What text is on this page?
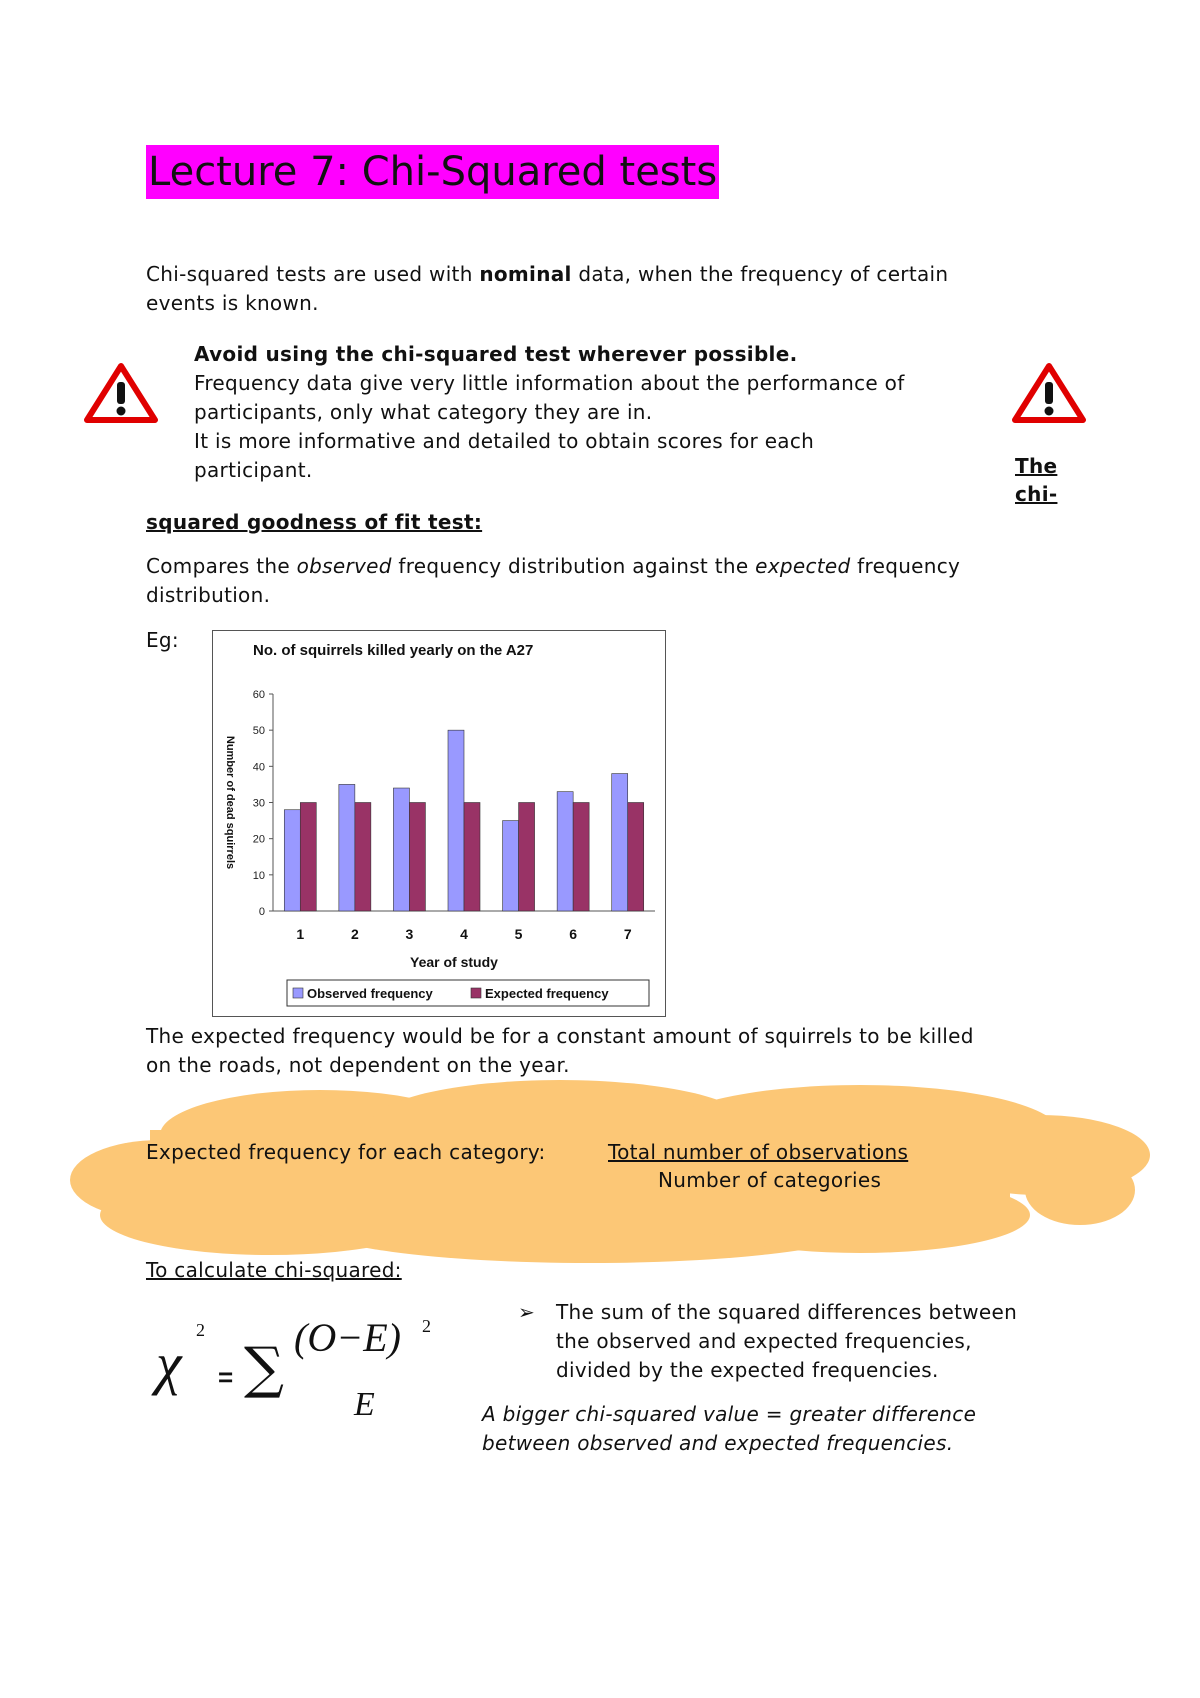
Lecture 7: Chi-Squared tests
Chi-squared tests are used with nominal data, when the frequency of certain
events is known.
Avoid using the chi-squared test wherever possible.
Frequency data give very little information about the performance of
participants, only what category they are in.
It is more informative and detailed to obtain scores for each
participant.	The
chi-
squared goodness of fit test:
Compares the observed frequency distribution against the expected frequency
distribution.
Eg:	No. of squirrels killed yearly on the A27
0
10
20
30
40
50
60
Number of dead squirrels
1	2	3	4	5	6	7
Year of study
Observed frequency	Expected frequency
The expected frequency would be for a constant amount of squirrels to be killed
on the roads, not dependent on the year.
Expected frequency for each category:	Total number of observations
Number of categories
To calculate chi-squared:
χ
2
= ∑ (O−E) 2
E
➢ The sum of the squared differences between
the observed and expected frequencies,
divided by the expected frequencies.
A bigger chi-squared value = greater difference
between observed and expected frequencies.
